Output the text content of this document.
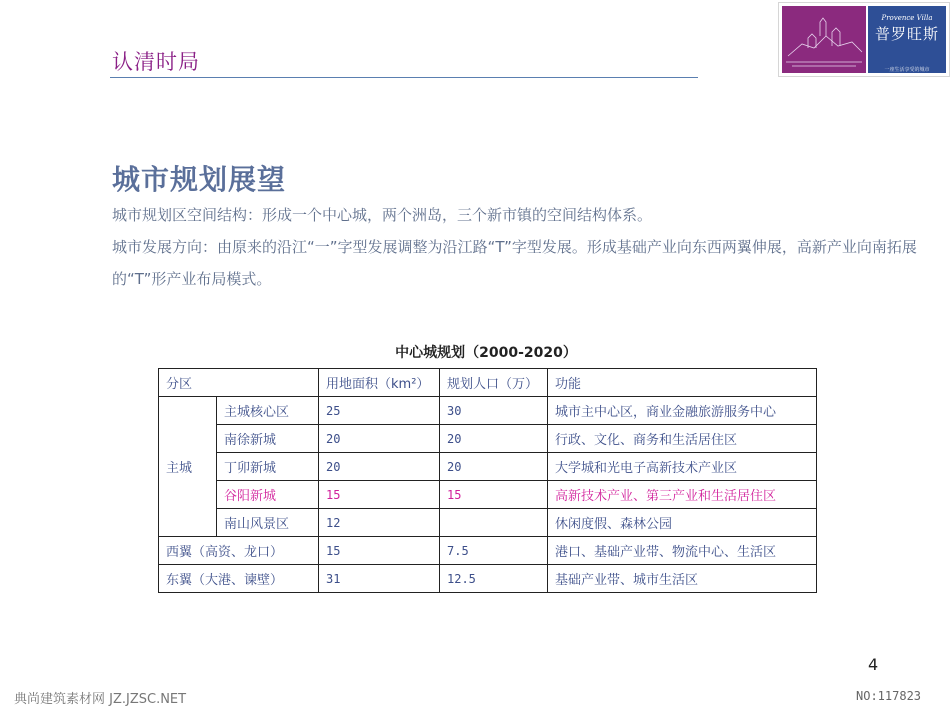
认清时局
Provence Villa
普罗旺斯
一座生活享受的城市
城市规划展望
城市规划区空间结构：形成一个中心城，两个洲岛，三个新市镇的空间结构体系。
城市发展方向：由原来的沿江“一”字型发展调整为沿江路“T”字型发展。形成基础产业向东西两翼伸展，高新产业向南拓展的“T”形产业布局模式。
中心城规划（2000-2020）
分区		用地面积（km²）	规划人口（万）	功能
主城	主城核心区	25	30	城市主中心区，商业金融旅游服务中心
	南徐新城	20	20	行政、文化、商务和生活居住区
	丁卯新城	20	20	大学城和光电子高新技术产业区
	谷阳新城	15	15	高新技术产业、第三产业和生活居住区
	南山风景区	12		休闲度假、森林公园
西翼（高资、龙口）		15	7.5	港口、基础产业带、物流中心、生活区
东翼（大港、谏壁）		31	12.5	基础产业带、城市生活区
4
典尚建筑素材网 JZ.JZSC.NET	NO:117823
